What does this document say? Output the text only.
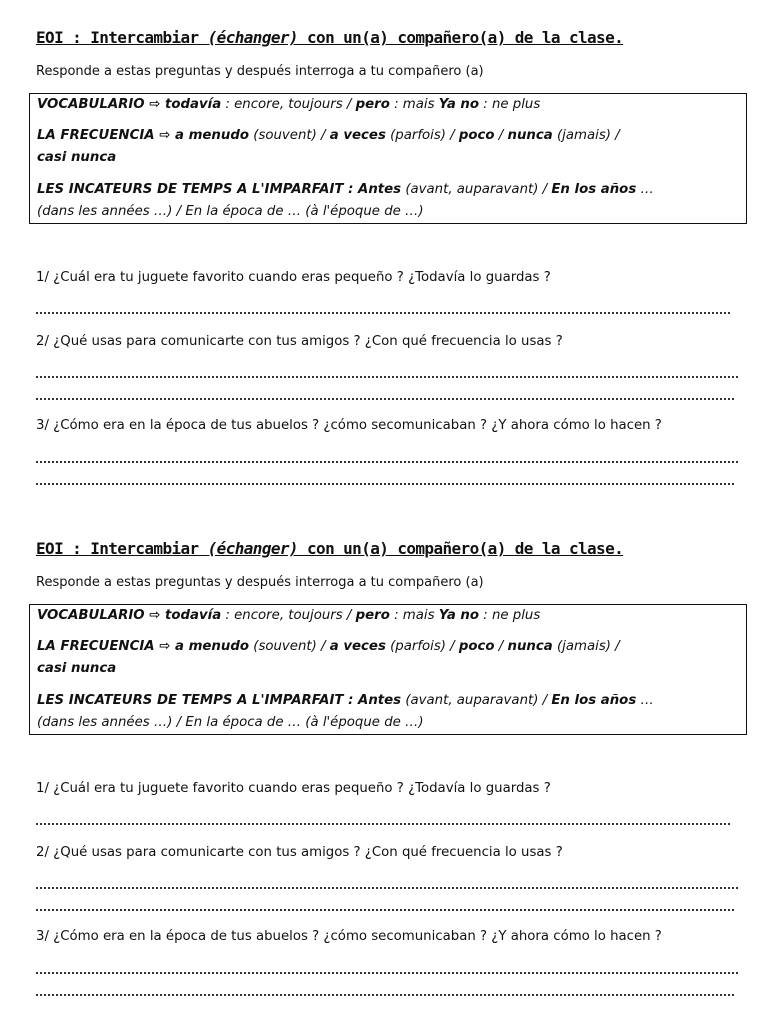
EOI : Intercambiar (échanger) con un(a) compañero(a) de la clase.
Responde a estas preguntas y después interroga a tu compañero (a)
VOCABULARIO ⇨ todavía : encore, toujours / pero : mais Ya no : ne plus
LA FRECUENCIA ⇨ a menudo (souvent) / a veces (parfois) / poco / nunca (jamais) /
casi nunca
LES INCATEURS DE TEMPS A L'IMPARFAIT : Antes (avant, auparavant) / En los años …
(dans les années …) / En la época de … (à l'époque de …)
1/ ¿Cuál era tu juguete favorito cuando eras pequeño ? ¿Todavía lo guardas ?
2/ ¿Qué usas para comunicarte con tus amigos ? ¿Con qué frecuencia lo usas ?
3/ ¿Cómo era en la época de tus abuelos ? ¿cómo secomunicaban ? ¿Y ahora cómo lo hacen ?
EOI : Intercambiar (échanger) con un(a) compañero(a) de la clase.
Responde a estas preguntas y después interroga a tu compañero (a)
VOCABULARIO ⇨ todavía : encore, toujours / pero : mais Ya no : ne plus
LA FRECUENCIA ⇨ a menudo (souvent) / a veces (parfois) / poco / nunca (jamais) /
casi nunca
LES INCATEURS DE TEMPS A L'IMPARFAIT : Antes (avant, auparavant) / En los años …
(dans les années …) / En la época de … (à l'époque de …)
1/ ¿Cuál era tu juguete favorito cuando eras pequeño ? ¿Todavía lo guardas ?
2/ ¿Qué usas para comunicarte con tus amigos ? ¿Con qué frecuencia lo usas ?
3/ ¿Cómo era en la época de tus abuelos ? ¿cómo secomunicaban ? ¿Y ahora cómo lo hacen ?
